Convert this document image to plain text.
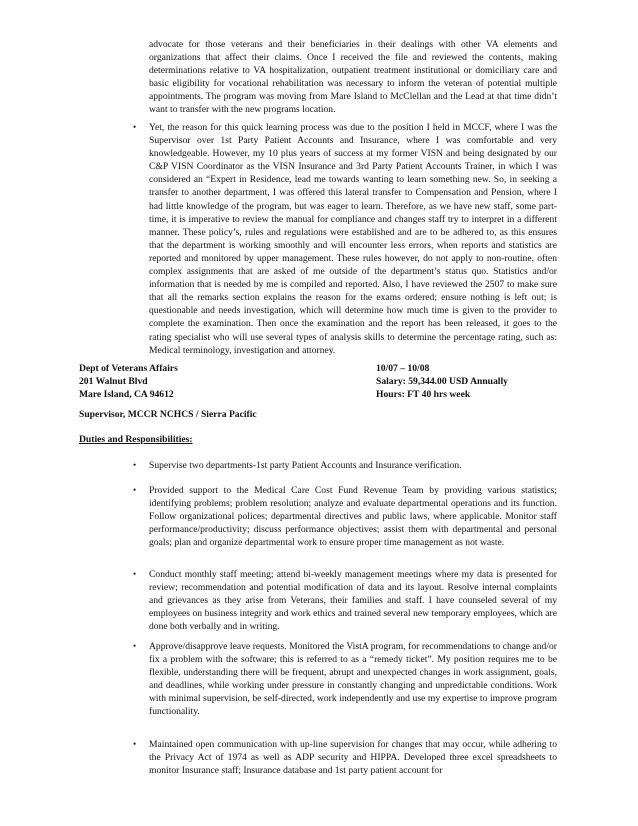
advocate for those veterans and their beneficiaries in their dealings with other VA elements and organizations that affect their claims. Once I received the file and reviewed the contents, making determinations relative to VA hospitalization, outpatient treatment institutional or domiciliary care and basic eligibility for vocational rehabilitation was necessary to inform the veteran of potential multiple appointments. The program was moving from Mare Island to McClellan and the Lead at that time didn’t want to transfer with the new programs location.

• Yet, the reason for this quick learning process was due to the position I held in MCCF, where I was the Supervisor over 1st Party Patient Accounts and Insurance, where I was comfortable and very knowledgeable. However, my 10 plus years of success at my former VISN and being designated by our C&P VISN Coordinator as the VISN Insurance and 3rd Party Patient Accounts Trainer, in which I was considered an “Expert in Residence, lead me towards wanting to learn something new. So, in seeking a transfer to another department, I was offered this lateral transfer to Compensation and Pension, where I had little knowledge of the program, but was eager to learn. Therefore, as we have new staff, some part-time, it is imperative to review the manual for compliance and changes staff try to interpret in a different manner. These policy’s, rules and regulations were established and are to be adhered to, as this ensures that the department is working smoothly and will encounter less errors, when reports and statistics are reported and monitored by upper management. These rules however, do not apply to non-routine, often complex assignments that are asked of me outside of the department’s status quo. Statistics and/or information that is needed by me is compiled and reported. Also, I have reviewed the 2507 to make sure that all the remarks section explains the reason for the exams ordered; ensure nothing is left out; is questionable and needs investigation, which will determine how much time is given to the provider to complete the examination. Then once the examination and the report has been released, it goes to the rating specialist who will use several types of analysis skills to determine the percentage rating, such as: Medical terminology, investigation and attorney.

Dept of Veterans Affairs
201 Walnut Blvd
Mare Island, CA 94612
10/07 – 10/08
Salary: 59,344.00 USD Annually
Hours: FT 40 hrs week
Supervisor, MCCR NCHCS / Sierra Pacific
Duties and Responsibilities:
• Supervise two departments-1st party Patient Accounts and Insurance verification.

• Provided support to the Medical Care Cost Fund Revenue Team by providing various statistics; identifying problems; problem resolution; analyze and evaluate departmental operations and its function. Follow organizational polices; departmental directives and public laws, where applicable. Monitor staff performance/productivity; discuss performance objectives; assist them with departmental and personal goals; plan and organize departmental work to ensure proper time management as not waste.

• Conduct monthly staff meeting; attend bi-weekly management meetings where my data is presented for review; recommendation and potential modification of data and its layout. Resolve internal complaints and grievances as they arise from Veterans, their families and staff. I have counseled several of my employees on business integrity and work ethics and trained several new temporary employees, which are done both verbally and in writing.

• Approve/disapprove leave requests. Monitored the VistA program, for recommendations to change and/or fix a problem with the software; this is referred to as a “remedy ticket”. My position requires me to be flexible, understanding there will be frequent, abrupt and unexpected changes in work assignment, goals, and deadlines, while working under pressure in constantly changing and unpredictable conditions. Work with minimal supervision, be self-directed, work independently and use my expertise to improve program functionality.

• Maintained open communication with up-line supervision for changes that may occur, while adhering to the Privacy Act of 1974 as well as ADP security and HIPPA. Developed three excel spreadsheets to monitor Insurance staff; Insurance database and 1st party patient account for
